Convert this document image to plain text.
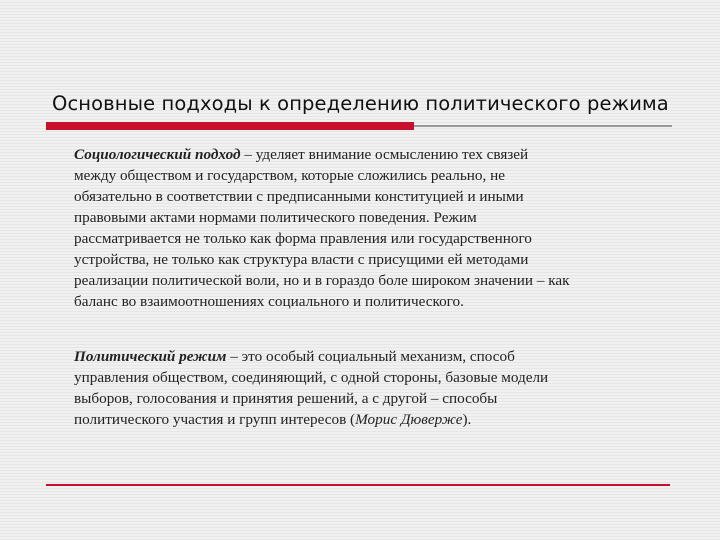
Основные подходы к определению политического режима

Социологический подход – уделяет внимание осмыслению тех связей
между обществом и государством, которые сложились реально, не
обязательно в соответствии с предписанными конституцией и иными
правовыми актами нормами политического поведения. Режим
рассматривается не только как форма правления или государственного
устройства, не только как структура власти с присущими ей методами
реализации политической воли, но и в гораздо боле широком значении – как
баланс во взаимоотношениях социального и политического.

Политический режим – это особый социальный механизм, способ
управления обществом, соединяющий, с одной стороны, базовые модели
выборов, голосования и принятия решений, а с другой – способы
политического участия и групп интересов (Морис Дюверже).
